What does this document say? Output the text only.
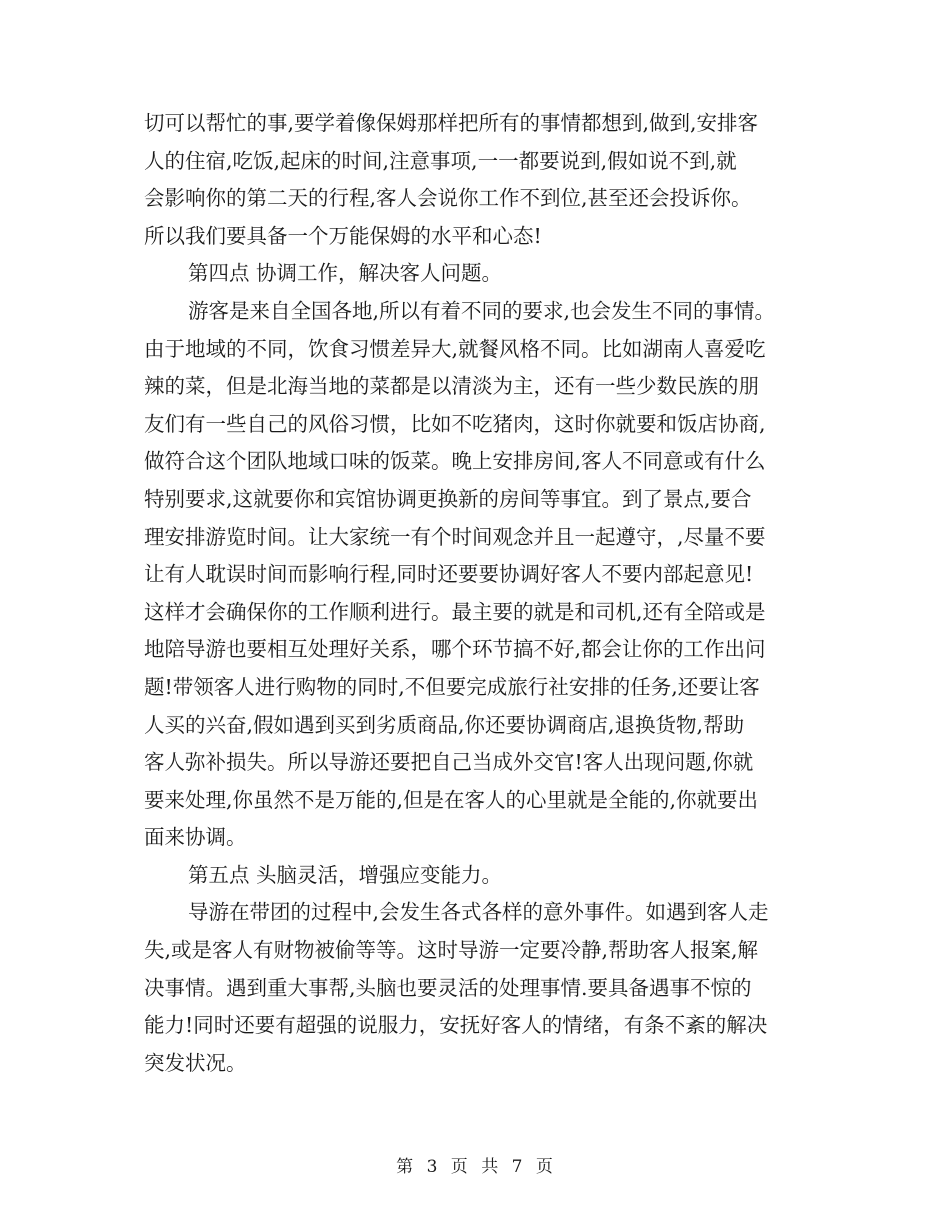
切可以帮忙的事,要学着像保姆那样把所有的事情都想到,做到,安排客
人的住宿,吃饭,起床的时间,注意事项,一一都要说到,假如说不到,就
会影响你的第二天的行程,客人会说你工作不到位,甚至还会投诉你。
所以我们要具备一个万能保姆的水平和心态!
第四点 协调工作，解决客人问题。
游客是来自全国各地,所以有着不同的要求,也会发生不同的事情。
由于地域的不同，饮食习惯差异大,就餐风格不同。比如湖南人喜爱吃
辣的菜，但是北海当地的菜都是以清淡为主，还有一些少数民族的朋
友们有一些自己的风俗习惯，比如不吃猪肉，这时你就要和饭店协商,
做符合这个团队地域口味的饭菜。晚上安排房间,客人不同意或有什么
特别要求,这就要你和宾馆协调更换新的房间等事宜。到了景点,要合
理安排游览时间。让大家统一有个时间观念并且一起遵守，,尽量不要
让有人耽误时间而影响行程,同时还要要协调好客人不要内部起意见!
这样才会确保你的工作顺利进行。最主要的就是和司机,还有全陪或是
地陪导游也要相互处理好关系，哪个环节搞不好,都会让你的工作出问
题!带领客人进行购物的同时,不但要完成旅行社安排的任务,还要让客
人买的兴奋,假如遇到买到劣质商品,你还要协调商店,退换货物,帮助
客人弥补损失。所以导游还要把自己当成外交官!客人出现问题,你就
要来处理,你虽然不是万能的,但是在客人的心里就是全能的,你就要出
面来协调。
第五点 头脑灵活，增强应变能力。
导游在带团的过程中,会发生各式各样的意外事件。如遇到客人走
失,或是客人有财物被偷等等。这时导游一定要冷静,帮助客人报案,解
决事情。遇到重大事帮,头脑也要灵活的处理事情.要具备遇事不惊的
能力!同时还要有超强的说服力，安抚好客人的情绪，有条不紊的解决
突发状况。
第 3 页 共 7 页
